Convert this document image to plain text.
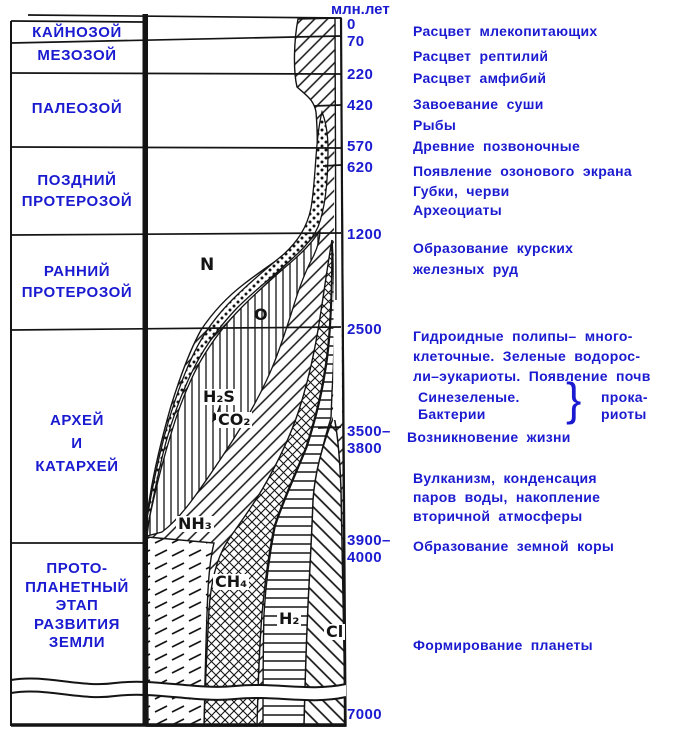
млн.лет
КАЙНОЗОЙ
МЕЗОЗОЙ
ПАЛЕОЗОЙ
ПОЗДНИЙ
ПРОТЕРОЗОЙ
РАННИЙ
ПРОТЕРОЗОЙ
АРХЕЙ
И
КАТАРХЕЙ
ПРОТО-
ПЛАНЕТНЫЙ
ЭТАП
РАЗВИТИЯ
ЗЕМЛИ
0
70
220
420
570
620
1200
2500
3500–
3800
3900–
4000
7000
Расцвет млекопитающих
Расцвет рептилий
Расцвет амфибий
Завоевание суши
Рыбы
Древние позвоночные
Появление озонового экрана
Губки, черви
Археоциаты
Образование курских
железных руд
Гидроидные полипы– много-
клеточные. Зеленые водорос-
ли–эукариоты. Появление почв
Синезеленые.
Бактерии	} прока-
риоты
Возникновение жизни
Вулканизм, конденсация
паров воды, накопление
вторичной атмосферы
Образование земной коры
Формирование планеты
N
O
H₂S
CO₂
NH₃
CH₄
H₂
Cl
